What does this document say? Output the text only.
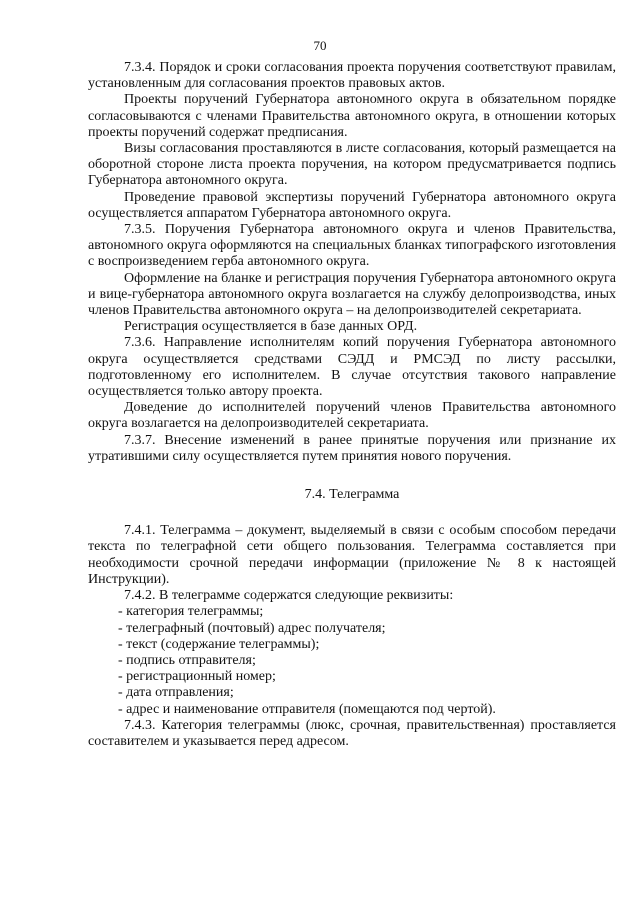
70

7.3.4. Порядок и сроки согласования проекта поручения соответствуют правилам, установленным для согласования проектов правовых актов.

Проекты поручений Губернатора автономного округа в обязательном порядке согласовываются с членами Правительства автономного округа, в отношении которых проекты поручений содержат предписания.

Визы согласования проставляются в листе согласования, который размещается на оборотной стороне листа проекта поручения, на котором предусматривается подпись Губернатора автономного округа.

Проведение правовой экспертизы поручений Губернатора автономного округа осуществляется аппаратом Губернатора автономного округа.

7.3.5. Поручения Губернатора автономного округа и членов Правительства, автономного округа оформляются на специальных бланках типографского изготовления с воспроизведением герба автономного округа.

Оформление на бланке и регистрация поручения Губернатора автономного округа и вице-губернатора автономного округа возлагается на службу делопроизводства, иных членов Правительства автономного округа – на делопроизводителей секретариата.

Регистрация осуществляется в базе данных ОРД.

7.3.6. Направление исполнителям копий поручения Губернатора автономного округа осуществляется средствами СЭДД и РМСЭД по листу рассылки, подготовленному его исполнителем. В случае отсутствия такового направление осуществляется только автору проекта.

Доведение до исполнителей поручений членов Правительства автономного округа возлагается на делопроизводителей секретариата.

7.3.7. Внесение изменений в ранее принятые поручения или признание их утратившими силу осуществляется путем принятия нового поручения.

7.4. Телеграмма

7.4.1. Телеграмма – документ, выделяемый в связи с особым способом передачи текста по телеграфной сети общего пользования. Телеграмма составляется при необходимости срочной передачи информации (приложение № 8 к настоящей Инструкции).

7.4.2. В телеграмме содержатся следующие реквизиты:

- категория телеграммы;
- телеграфный (почтовый) адрес получателя;
- текст (содержание телеграммы);
- подпись отправителя;
- регистрационный номер;
- дата отправления;
- адрес и наименование отправителя (помещаются под чертой).

7.4.3. Категория телеграммы (люкс, срочная, правительственная) проставляется составителем и указывается перед адресом.
